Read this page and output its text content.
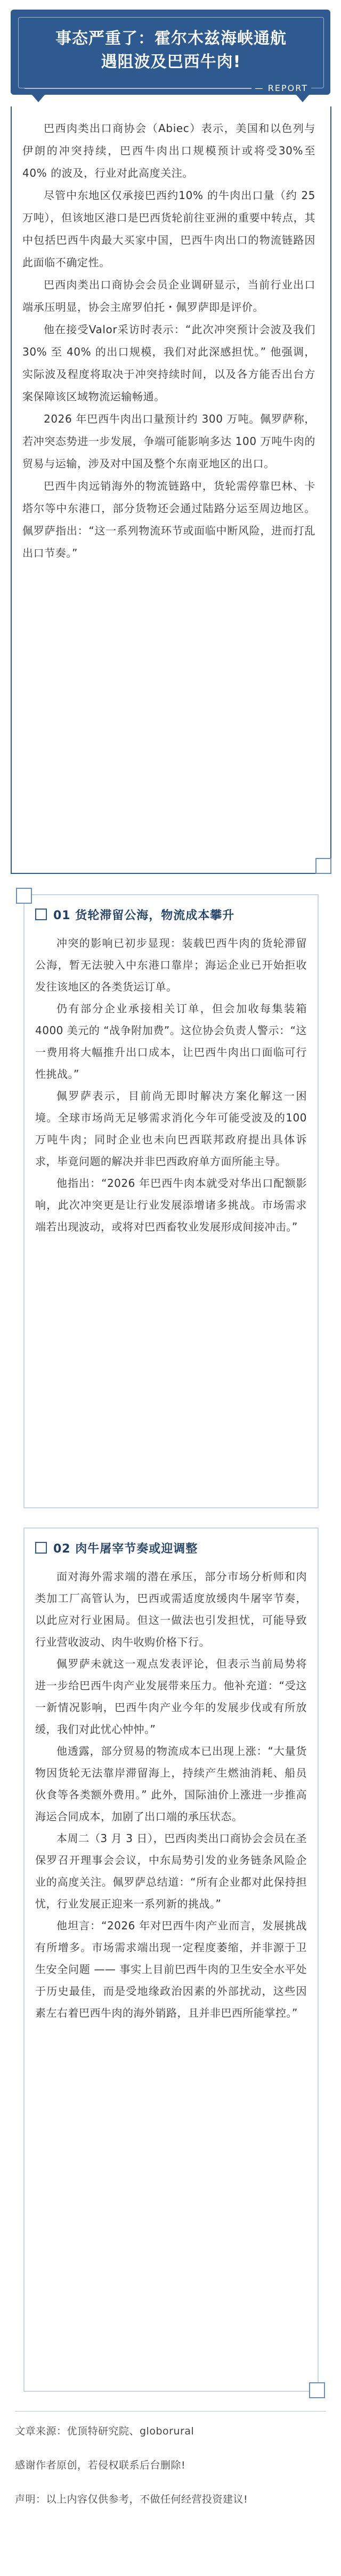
事态严重了：霍尔木兹海峡通航
遇阻波及巴西牛肉!
— REPORT

巴西肉类出口商协会（Abiec）表示，美国和以色列与伊朗的冲突持续，巴西牛肉出口规模预计或将受30%至 40% 的波及，行业对此高度关注。

尽管中东地区仅承接巴西约10% 的牛肉出口量（约 25 万吨），但该地区港口是巴西货轮前往亚洲的重要中转点，其中包括巴西牛肉最大买家中国，巴西牛肉出口的物流链路因此面临不确定性。

巴西肉类出口商协会会员企业调研显示，当前行业出口端承压明显，协会主席罗伯托・佩罗萨即是评价。

他在接受Valor采访时表示：“此次冲突预计会波及我们 30% 至 40% 的出口规模，我们对此深感担忧。” 他强调，实际波及程度将取决于冲突持续时间，以及各方能否出台方案保障该区域物流运输畅通。

2026 年巴西牛肉出口量预计约 300 万吨。佩罗萨称，若冲突态势进一步发展，争端可能影响多达 100 万吨牛肉的贸易与运输，涉及对中国及整个东南亚地区的出口。

巴西牛肉远销海外的物流链路中，货轮需停靠巴林、卡塔尔等中东港口，部分货物还会通过陆路分运至周边地区。佩罗萨指出：“这一系列物流环节或面临中断风险，进而打乱出口节奏。”

01 货轮滞留公海，物流成本攀升

冲突的影响已初步显现：装载巴西牛肉的货轮滞留公海，暂无法驶入中东港口靠岸；海运企业已开始拒收发往该地区的各类货运订单。

仍有部分企业承接相关订单，但会加收每集装箱4000 美元的 “战争附加费”。这位协会负责人警示：“这一费用将大幅推升出口成本，让巴西牛肉出口面临可行性挑战。”

佩罗萨表示，目前尚无即时解决方案化解这一困境。全球市场尚无足够需求消化今年可能受波及的100 万吨牛肉；同时企业也未向巴西联邦政府提出具体诉求，毕竟问题的解决并非巴西政府单方面所能主导。

他指出：“2026 年巴西牛肉本就受对华出口配额影响，此次冲突更是让行业发展添增诸多挑战。市场需求端若出现波动，或将对巴西畜牧业发展形成间接冲击。”

02 肉牛屠宰节奏或迎调整

面对海外需求端的潜在承压，部分市场分析师和肉类加工厂高管认为，巴西或需适度放缓肉牛屠宰节奏，以此应对行业困局。但这一做法也引发担忧，可能导致行业营收波动、肉牛收购价格下行。

佩罗萨未就这一观点发表评论，但表示当前局势将进一步给巴西牛肉产业发展带来压力。他补充道：“受这一新情况影响，巴西牛肉产业今年的发展步伐或有所放缓，我们对此忧心忡忡。”

他透露，部分贸易的物流成本已出现上涨：“大量货物因货轮无法靠岸滞留海上，持续产生燃油消耗、船员伙食等各类额外费用。” 此外，国际油价上涨进一步推高海运合同成本，加剧了出口端的承压状态。

本周二（3 月 3 日），巴西肉类出口商协会会员在圣保罗召开理事会会议，中东局势引发的业务链条风险企业的高度关注。佩罗萨总结道：“所有企业都对此保持担忧，行业发展正迎来一系列新的挑战。”

他坦言：“2026 年对巴西牛肉产业而言，发展挑战有所增多。市场需求端出现一定程度萎缩，并非源于卫生安全问题 —— 事实上目前巴西牛肉的卫生安全水平处于历史最佳，而是受地缘政治因素的外部扰动，这些因素左右着巴西牛肉的海外销路，且并非巴西所能掌控。”

文章来源：优顶特研究院、globorural

感谢作者原创，若侵权联系后台删除!

声明：以上内容仅供参考，不做任何经营投资建议!
